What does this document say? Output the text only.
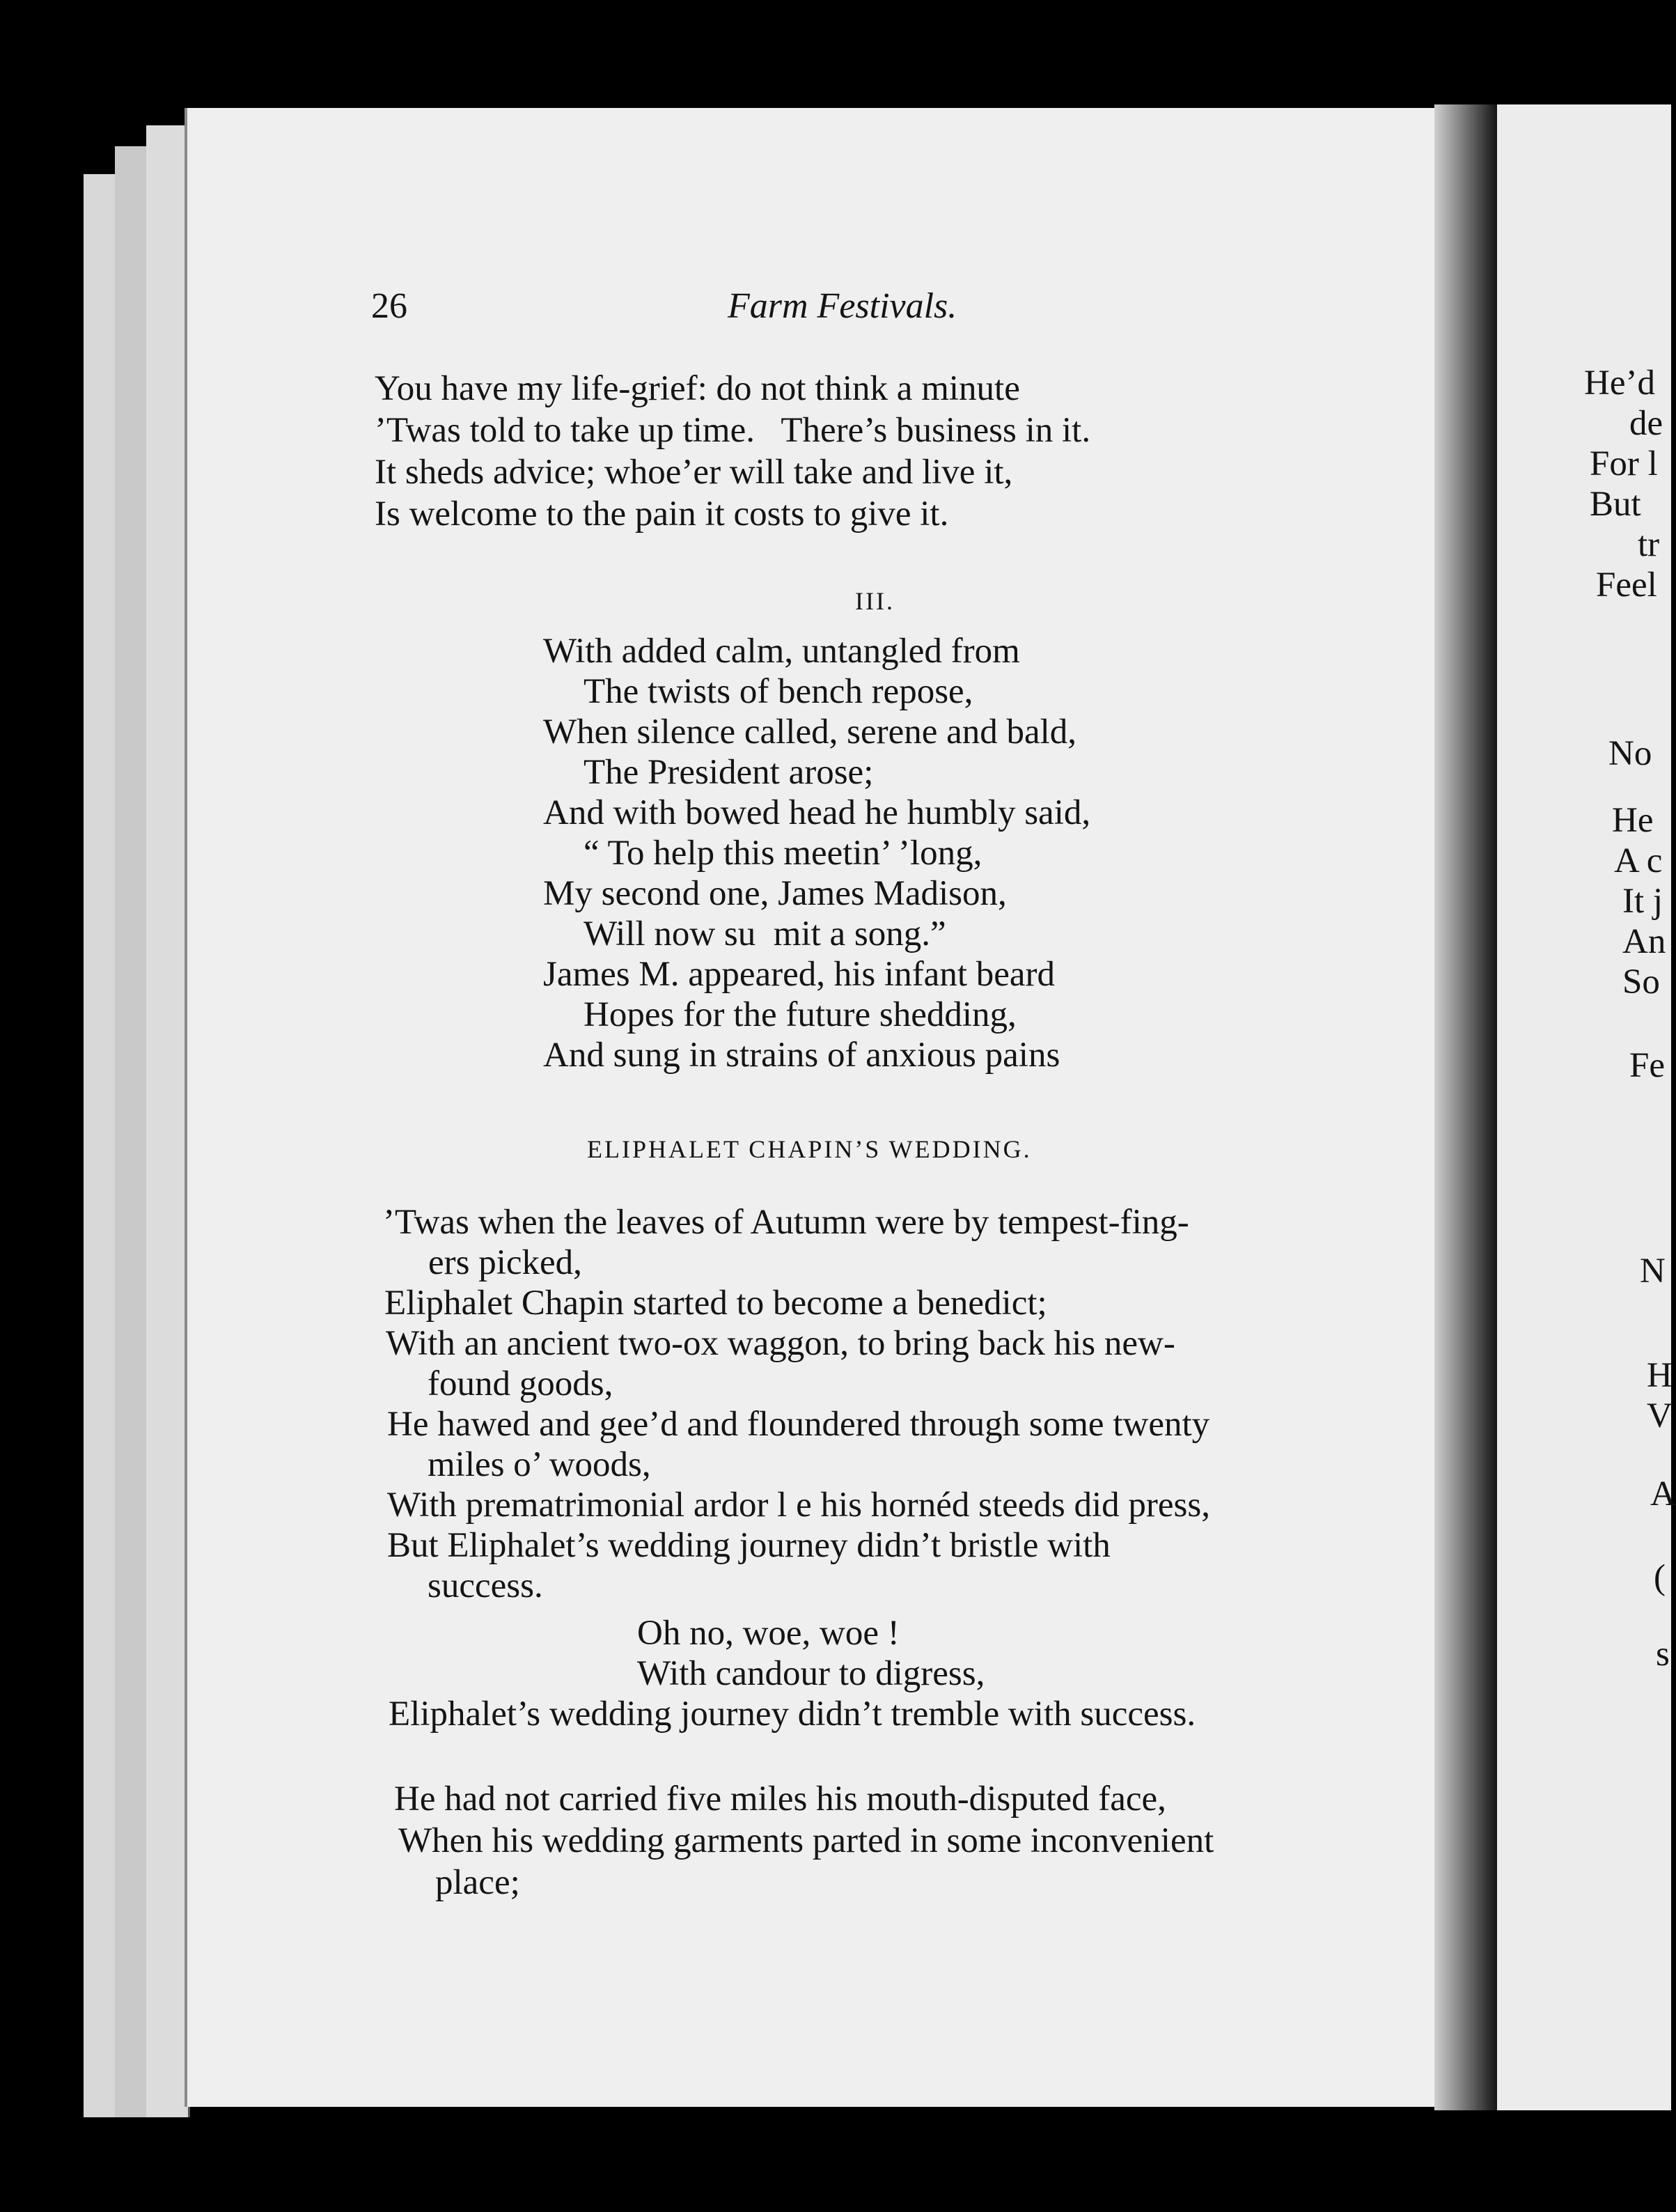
26	Farm Festivals.
You have my life-grief: do not think a minute
’Twas told to take up time.   There’s business in it.
It sheds advice; whoe’er will take and live it,
Is welcome to the pain it costs to give it.
III.
With added calm, untangled from
The twists of bench repose,
When silence called, serene and bald,
The President arose;
And with bowed head he humbly said,
“ To help this meetin’ ’long,
My second one, James Madison,
Will now su  mit a song.”
James M. appeared, his infant beard
Hopes for the future shedding,
And sung in strains of anxious pains
ELIPHALET CHAPIN’S WEDDING.
’Twas when the leaves of Autumn were by tempest-fing-
ers picked,
Eliphalet Chapin started to become a benedict;
With an ancient two-ox waggon, to bring back his new-
found goods,
He hawed and gee’d and floundered through some twenty
miles o’ woods,
With prematrimonial ardor l e his hornéd steeds did press,
But Eliphalet’s wedding journey didn’t bristle with
success.
Oh no, woe, woe !
With candour to digress,
Eliphalet’s wedding journey didn’t tremble with success.
He had not carried five miles his mouth-disputed face,
When his wedding garments parted in some inconvenient
place;
He’d
de
For l
But
tr
Feel
No
He
A c
It j
An
So
Fe
N
H
V
A
(
s
